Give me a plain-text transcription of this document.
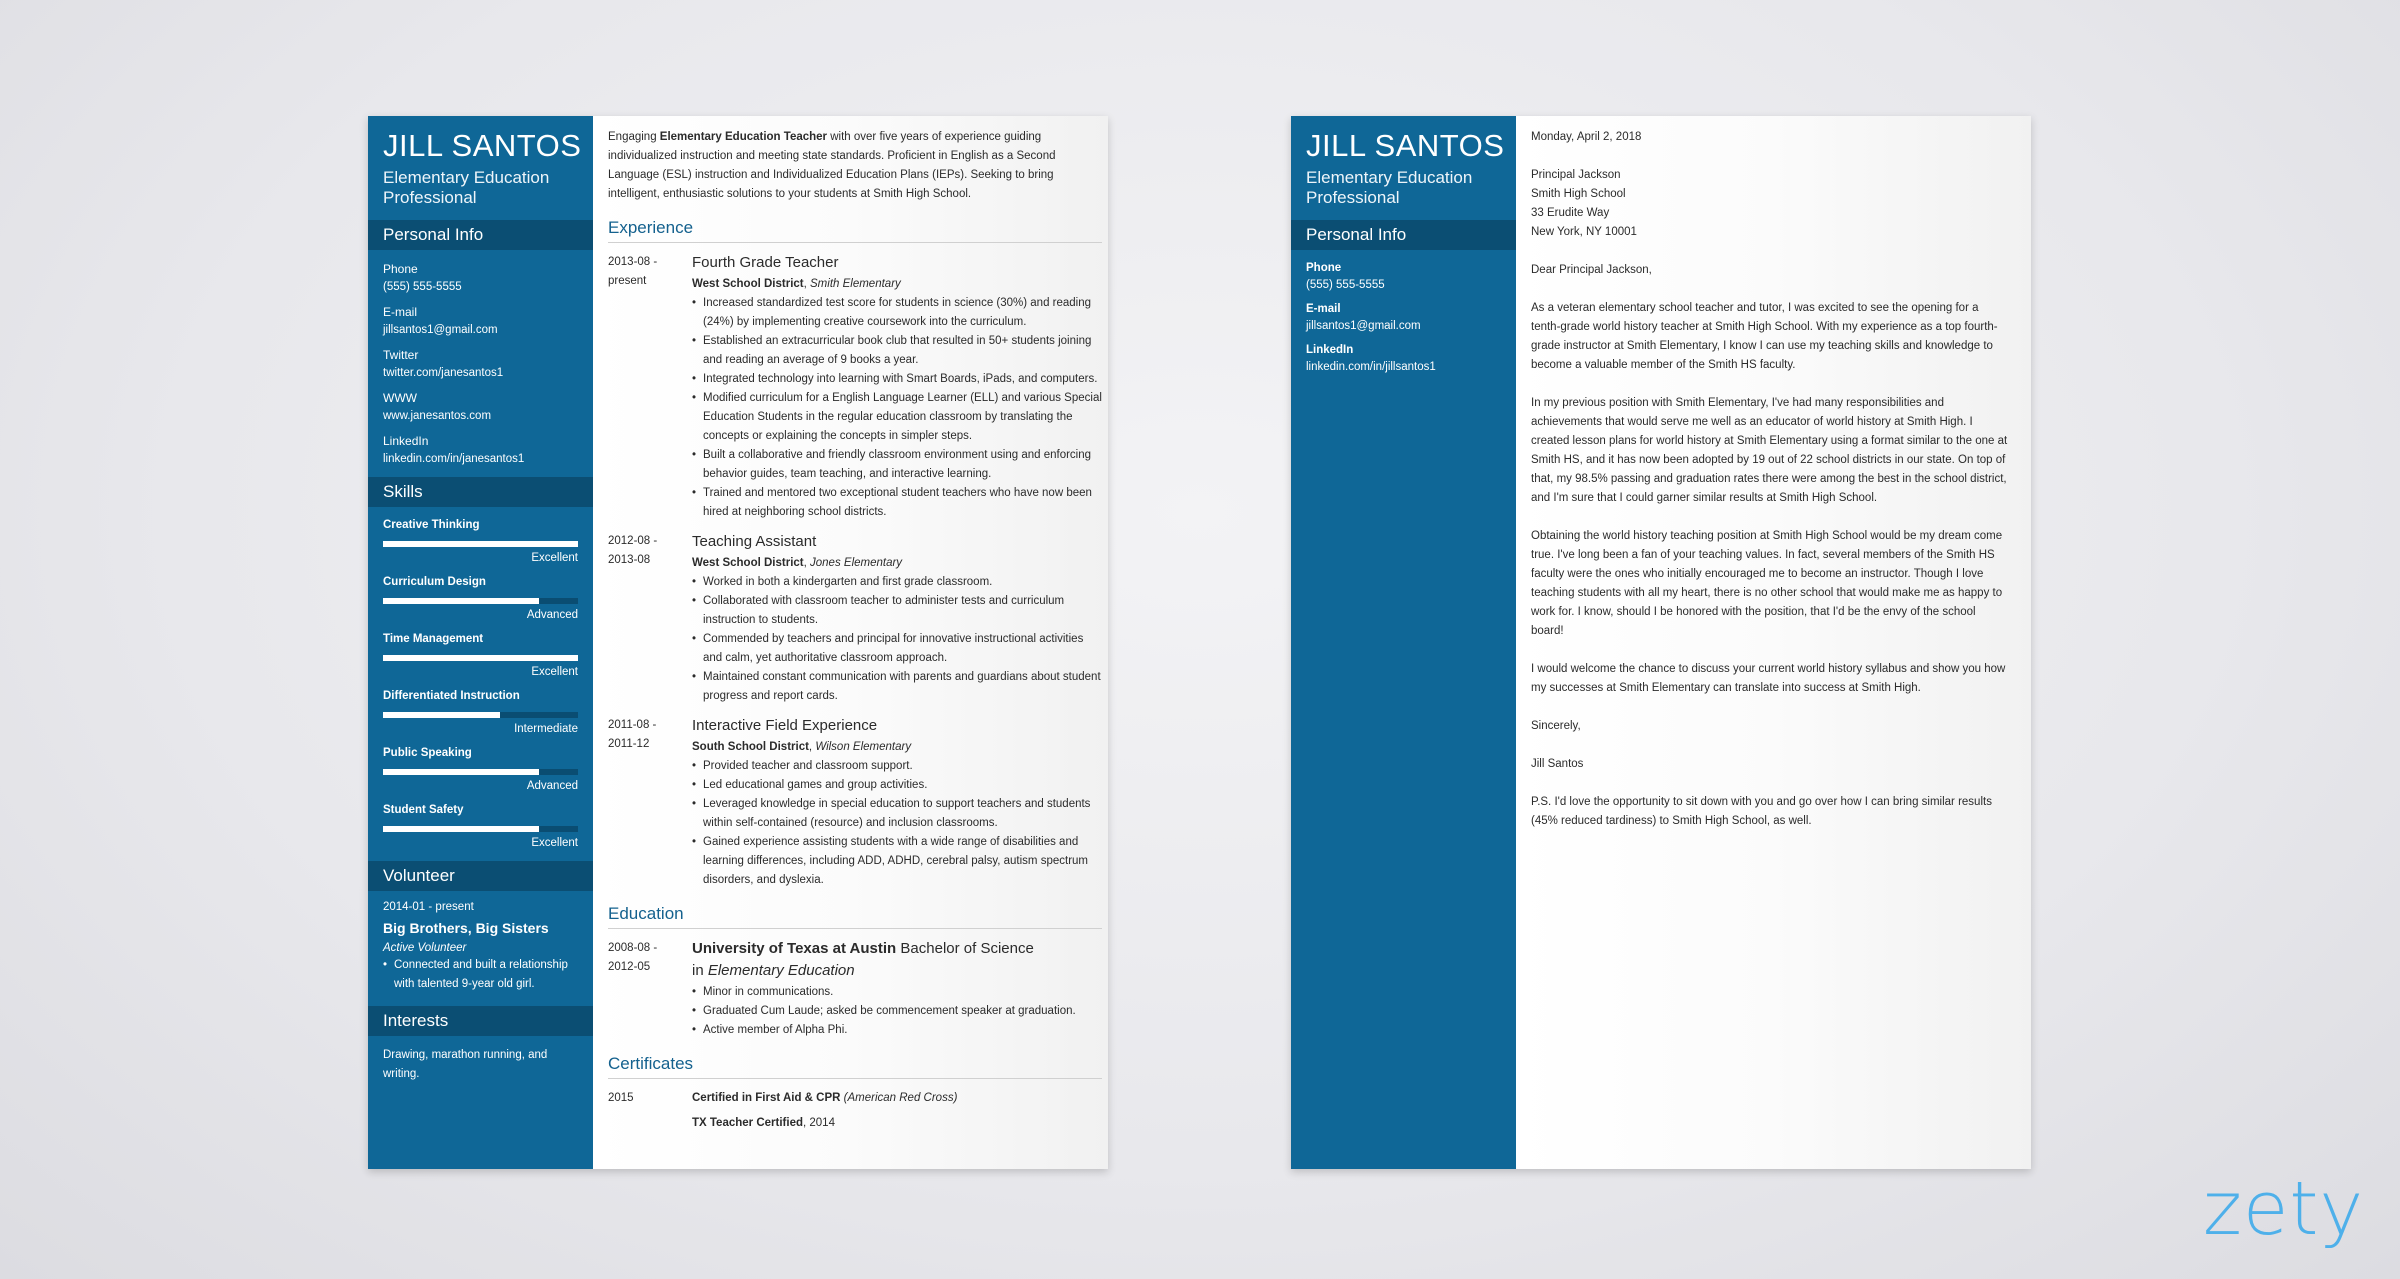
JILL SANTOS
Elementary Education Professional
Personal Info
Phone
(555) 555-5555
E-mail
jillsantos1@gmail.com
Twitter
twitter.com/janesantos1
WWW
www.janesantos.com
LinkedIn
linkedin.com/in/janesantos1
Skills
Creative Thinking
Excellent
Curriculum Design
Advanced
Time Management
Excellent
Differentiated Instruction
Intermediate
Public Speaking
Advanced
Student Safety
Excellent
Volunteer
2014-01 - present
Big Brothers, Big Sisters
Active Volunteer
• Connected and built a relationship with talented 9-year old girl.
Interests
Drawing, marathon running, and writing.
Engaging Elementary Education Teacher with over five years of experience guiding individualized instruction and meeting state standards. Proficient in English as a Second Language (ESL) instruction and Individualized Education Plans (IEPs). Seeking to bring intelligent, enthusiastic solutions to your students at Smith High School.
Experience
2013-08 -
present
Fourth Grade Teacher
West School District, Smith Elementary
• Increased standardized test score for students in science (30%) and reading (24%) by implementing creative coursework into the curriculum.
• Established an extracurricular book club that resulted in 50+ students joining and reading an average of 9 books a year.
• Integrated technology into learning with Smart Boards, iPads, and computers.
• Modified curriculum for a English Language Learner (ELL) and various Special Education Students in the regular education classroom by translating the concepts or explaining the concepts in simpler steps.
• Built a collaborative and friendly classroom environment using and enforcing behavior guides, team teaching, and interactive learning.
• Trained and mentored two exceptional student teachers who have now been hired at neighboring school districts.
2012-08 -
2013-08
Teaching Assistant
West School District, Jones Elementary
• Worked in both a kindergarten and first grade classroom.
• Collaborated with classroom teacher to administer tests and curriculum instruction to students.
• Commended by teachers and principal for innovative instructional activities and calm, yet authoritative classroom approach.
• Maintained constant communication with parents and guardians about student progress and report cards.
2011-08 -
2011-12
Interactive Field Experience
South School District, Wilson Elementary
• Provided teacher and classroom support.
• Led educational games and group activities.
• Leveraged knowledge in special education to support teachers and students within self-contained (resource) and inclusion classrooms.
• Gained experience assisting students with a wide range of disabilities and learning differences, including ADD, ADHD, cerebral palsy, autism spectrum disorders, and dyslexia.
Education
2008-08 -
2012-05
University of Texas at Austin Bachelor of Science
in Elementary Education
• Minor in communications.
• Graduated Cum Laude; asked be commencement speaker at graduation.
• Active member of Alpha Phi.
Certificates
2015	Certified in First Aid & CPR (American Red Cross)
TX Teacher Certified, 2014
JILL SANTOS
Elementary Education Professional
Personal Info
Phone
(555) 555-5555
E-mail
jillsantos1@gmail.com
LinkedIn
linkedin.com/in/jillsantos1
Monday, April 2, 2018
Principal Jackson
Smith High School
33 Erudite Way
New York, NY 10001
Dear Principal Jackson,
As a veteran elementary school teacher and tutor, I was excited to see the opening for a tenth-grade world history teacher at Smith High School. With my experience as a top fourth-grade instructor at Smith Elementary, I know I can use my teaching skills and knowledge to become a valuable member of the Smith HS faculty.
In my previous position with Smith Elementary, I've had many responsibilities and achievements that would serve me well as an educator of world history at Smith High. I created lesson plans for world history at Smith Elementary using a format similar to the one at Smith HS, and it has now been adopted by 19 out of 22 school districts in our state. On top of that, my 98.5% passing and graduation rates there were among the best in the school district, and I'm sure that I could garner similar results at Smith High School.
Obtaining the world history teaching position at Smith High School would be my dream come true. I've long been a fan of your teaching values. In fact, several members of the Smith HS faculty were the ones who initially encouraged me to become an instructor. Though I love teaching students with all my heart, there is no other school that would make me as happy to work for. I know, should I be honored with the position, that I'd be the envy of the school board!
I would welcome the chance to discuss your current world history syllabus and show you how my successes at Smith Elementary can translate into success at Smith High.
Sincerely,
Jill Santos
P.S. I'd love the opportunity to sit down with you and go over how I can bring similar results (45% reduced tardiness) to Smith High School, as well.
zety
